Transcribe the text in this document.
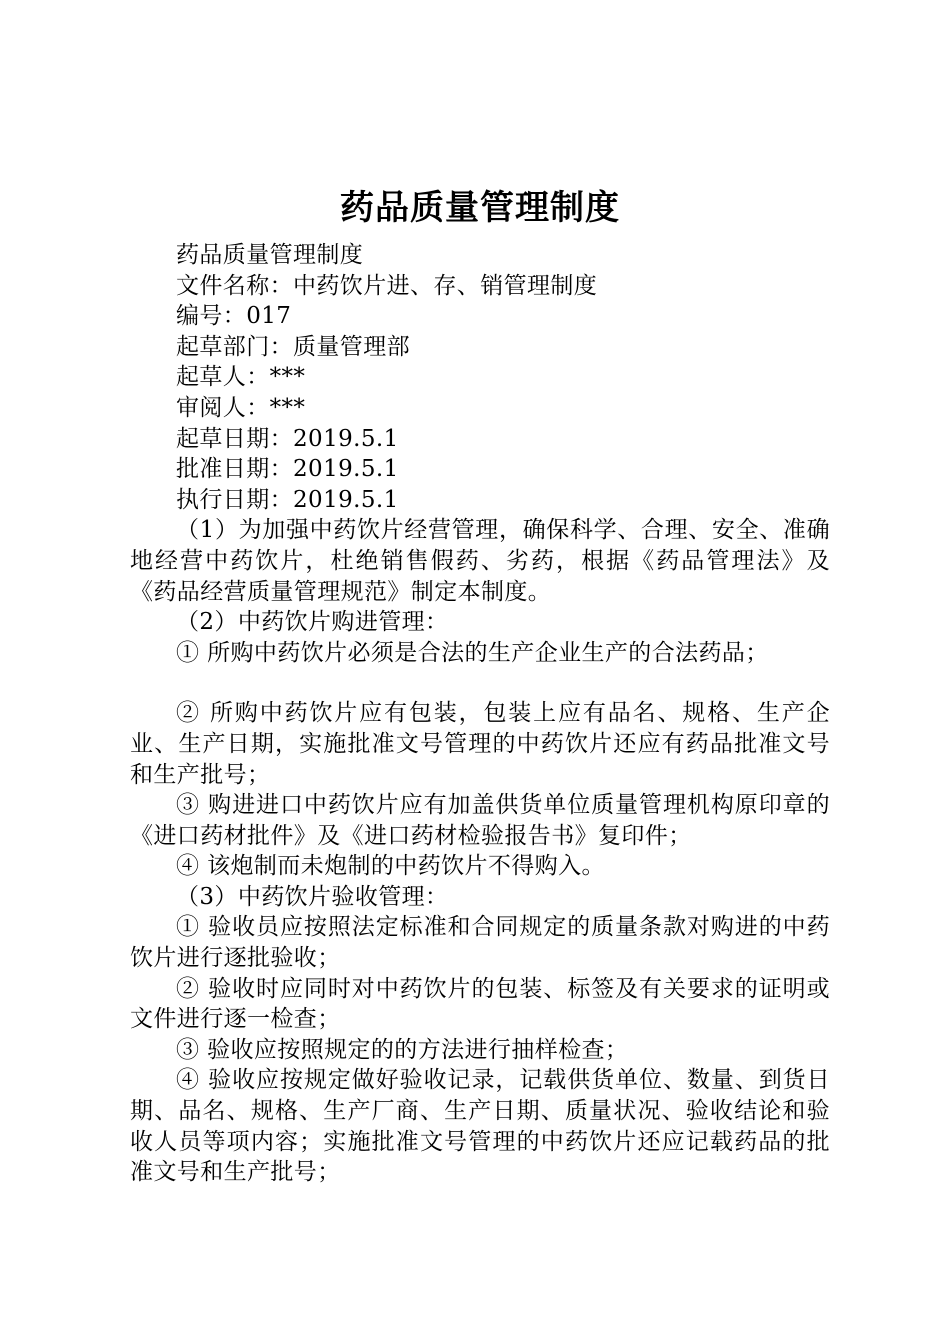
药品质量管理制度

药品质量管理制度

文件名称：中药饮片进、存、销管理制度

编号：017

起草部门：质量管理部

起草人：***

审阅人：***

起草日期：2019.5.1

批准日期：2019.5.1

执行日期：2019.5.1

（1）为加强中药饮片经营管理，确保科学、合理、安全、准确地经营中药饮片，杜绝销售假药、劣药，根据《药品管理法》及《药品经营质量管理规范》制定本制度。

（2）中药饮片购进管理：

① 所购中药饮片必须是合法的生产企业生产的合法药品；

② 所购中药饮片应有包装，包装上应有品名、规格、生产企业、生产日期，实施批准文号管理的中药饮片还应有药品批准文号和生产批号；

③ 购进进口中药饮片应有加盖供货单位质量管理机构原印章的《进口药材批件》及《进口药材检验报告书》复印件；

④ 该炮制而未炮制的中药饮片不得购入。

（3）中药饮片验收管理：

① 验收员应按照法定标准和合同规定的质量条款对购进的中药饮片进行逐批验收；

② 验收时应同时对中药饮片的包装、标签及有关要求的证明或文件进行逐一检查；

③ 验收应按照规定的的方法进行抽样检查；

④ 验收应按规定做好验收记录，记载供货单位、数量、到货日期、品名、规格、生产厂商、生产日期、质量状况、验收结论和验收人员等项内容；实施批准文号管理的中药饮片还应记载药品的批准文号和生产批号；
